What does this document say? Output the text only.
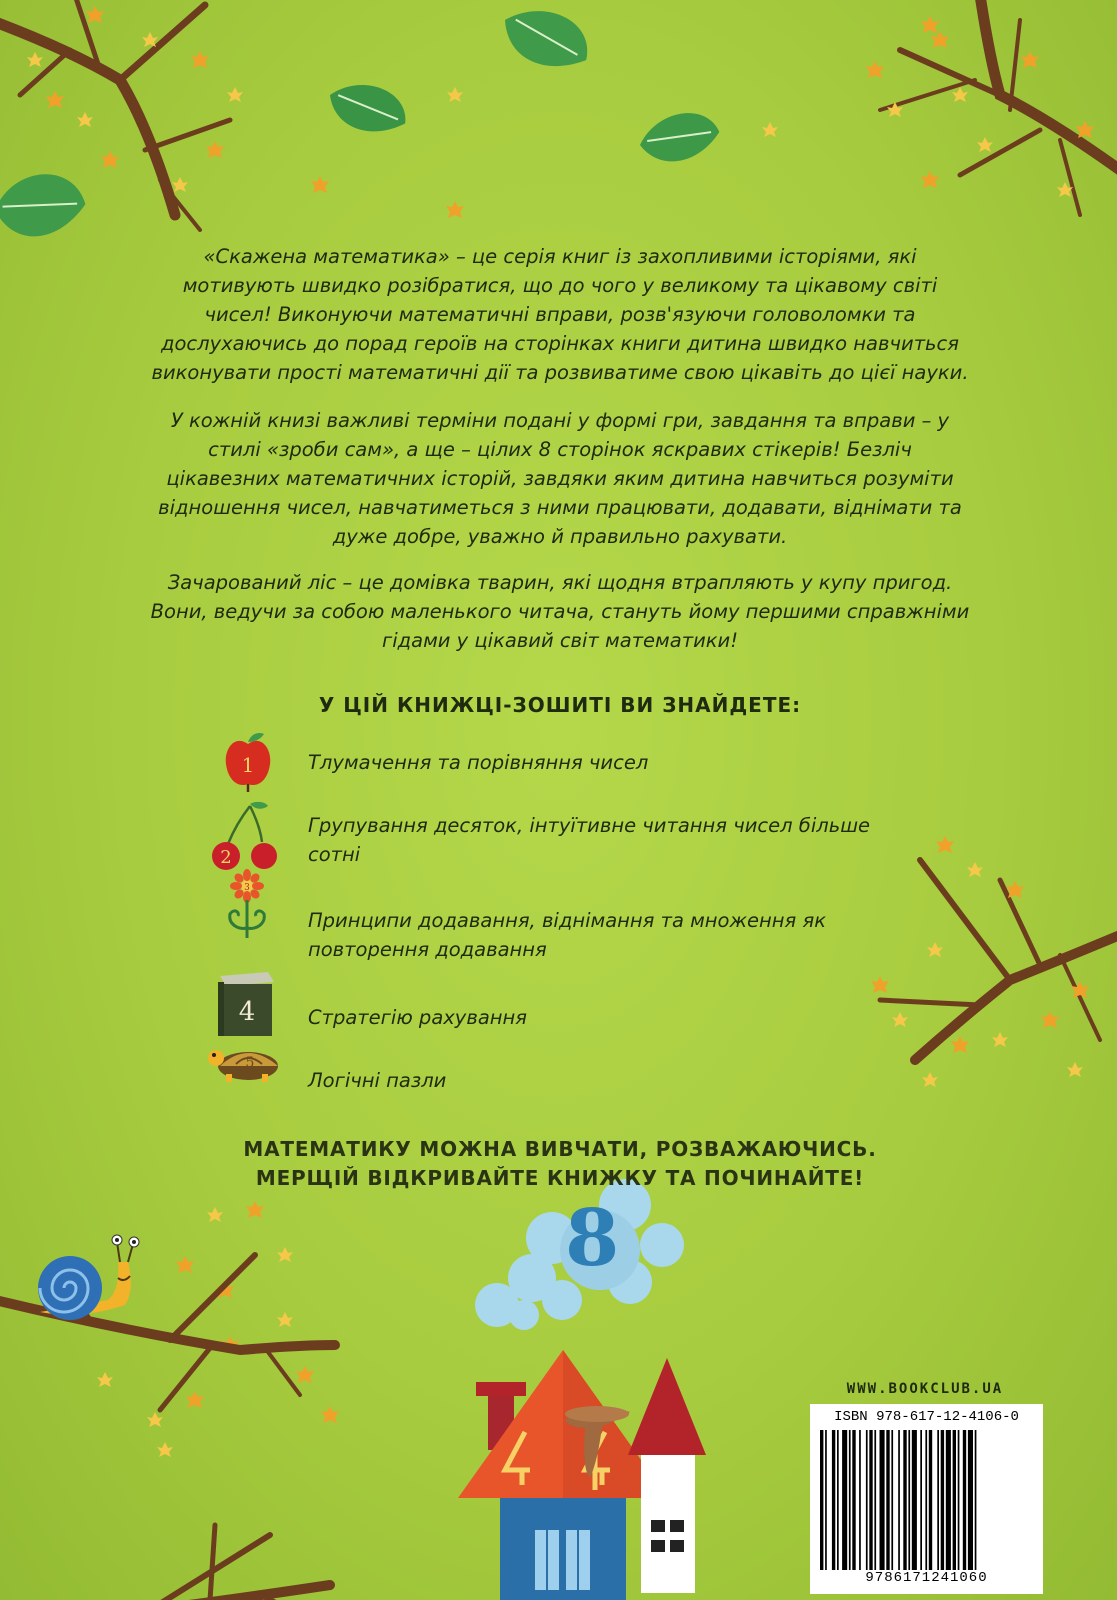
8

«Скажена математика» – це серія книг із захопливими історіями, які мотивують швидко розібратися, що до чого у великому та цікавому світі чисел! Виконуючи математичні вправи, розв'язуючи головоломки та дослухаючись до порад героїв на сторінках книги дитина швидко навчиться виконувати прості математичні дії та розвиватиме свою цікавіть до цієї науки.

У кожній книзі важливі терміни подані у формі гри, завдання та вправи – у стилі «зроби сам», а ще – цілих 8 сторінок яскравих стікерів! Безліч цікавезних математичних історій, завдяки яким дитина навчиться розуміти відношення чисел, навчатиметься з ними працювати, додавати, віднімати та дуже добре, уважно й правильно рахувати.

Зачарований ліс – це домівка тварин, які щодня втрапляють у купу пригод. Вони, ведучи за собою маленького читача, стануть йому першими справжніми гідами у цікавий світ математики!

У ЦІЙ КНИЖЦІ-ЗОШИТІ ВИ ЗНАЙДЕТЕ:
1	Тлумачення та порівняння чисел
2
Групування десяток, інтуїтивне читання чисел більше сотні
3
Принципи додавання, віднімання та множення як повторення додавання
4	Стратегію рахування
5
Логічні пазли
МАТЕМАТИКУ МОЖНА ВИВЧАТИ, РОЗВАЖАЮЧИСЬ.
МЕРЩІЙ ВІДКРИВАЙТЕ КНИЖКУ ТА ПОЧИНАЙТЕ!
WWW.BOOKCLUB.UA
ISBN 978-617-12-4106-0
9786171241060
